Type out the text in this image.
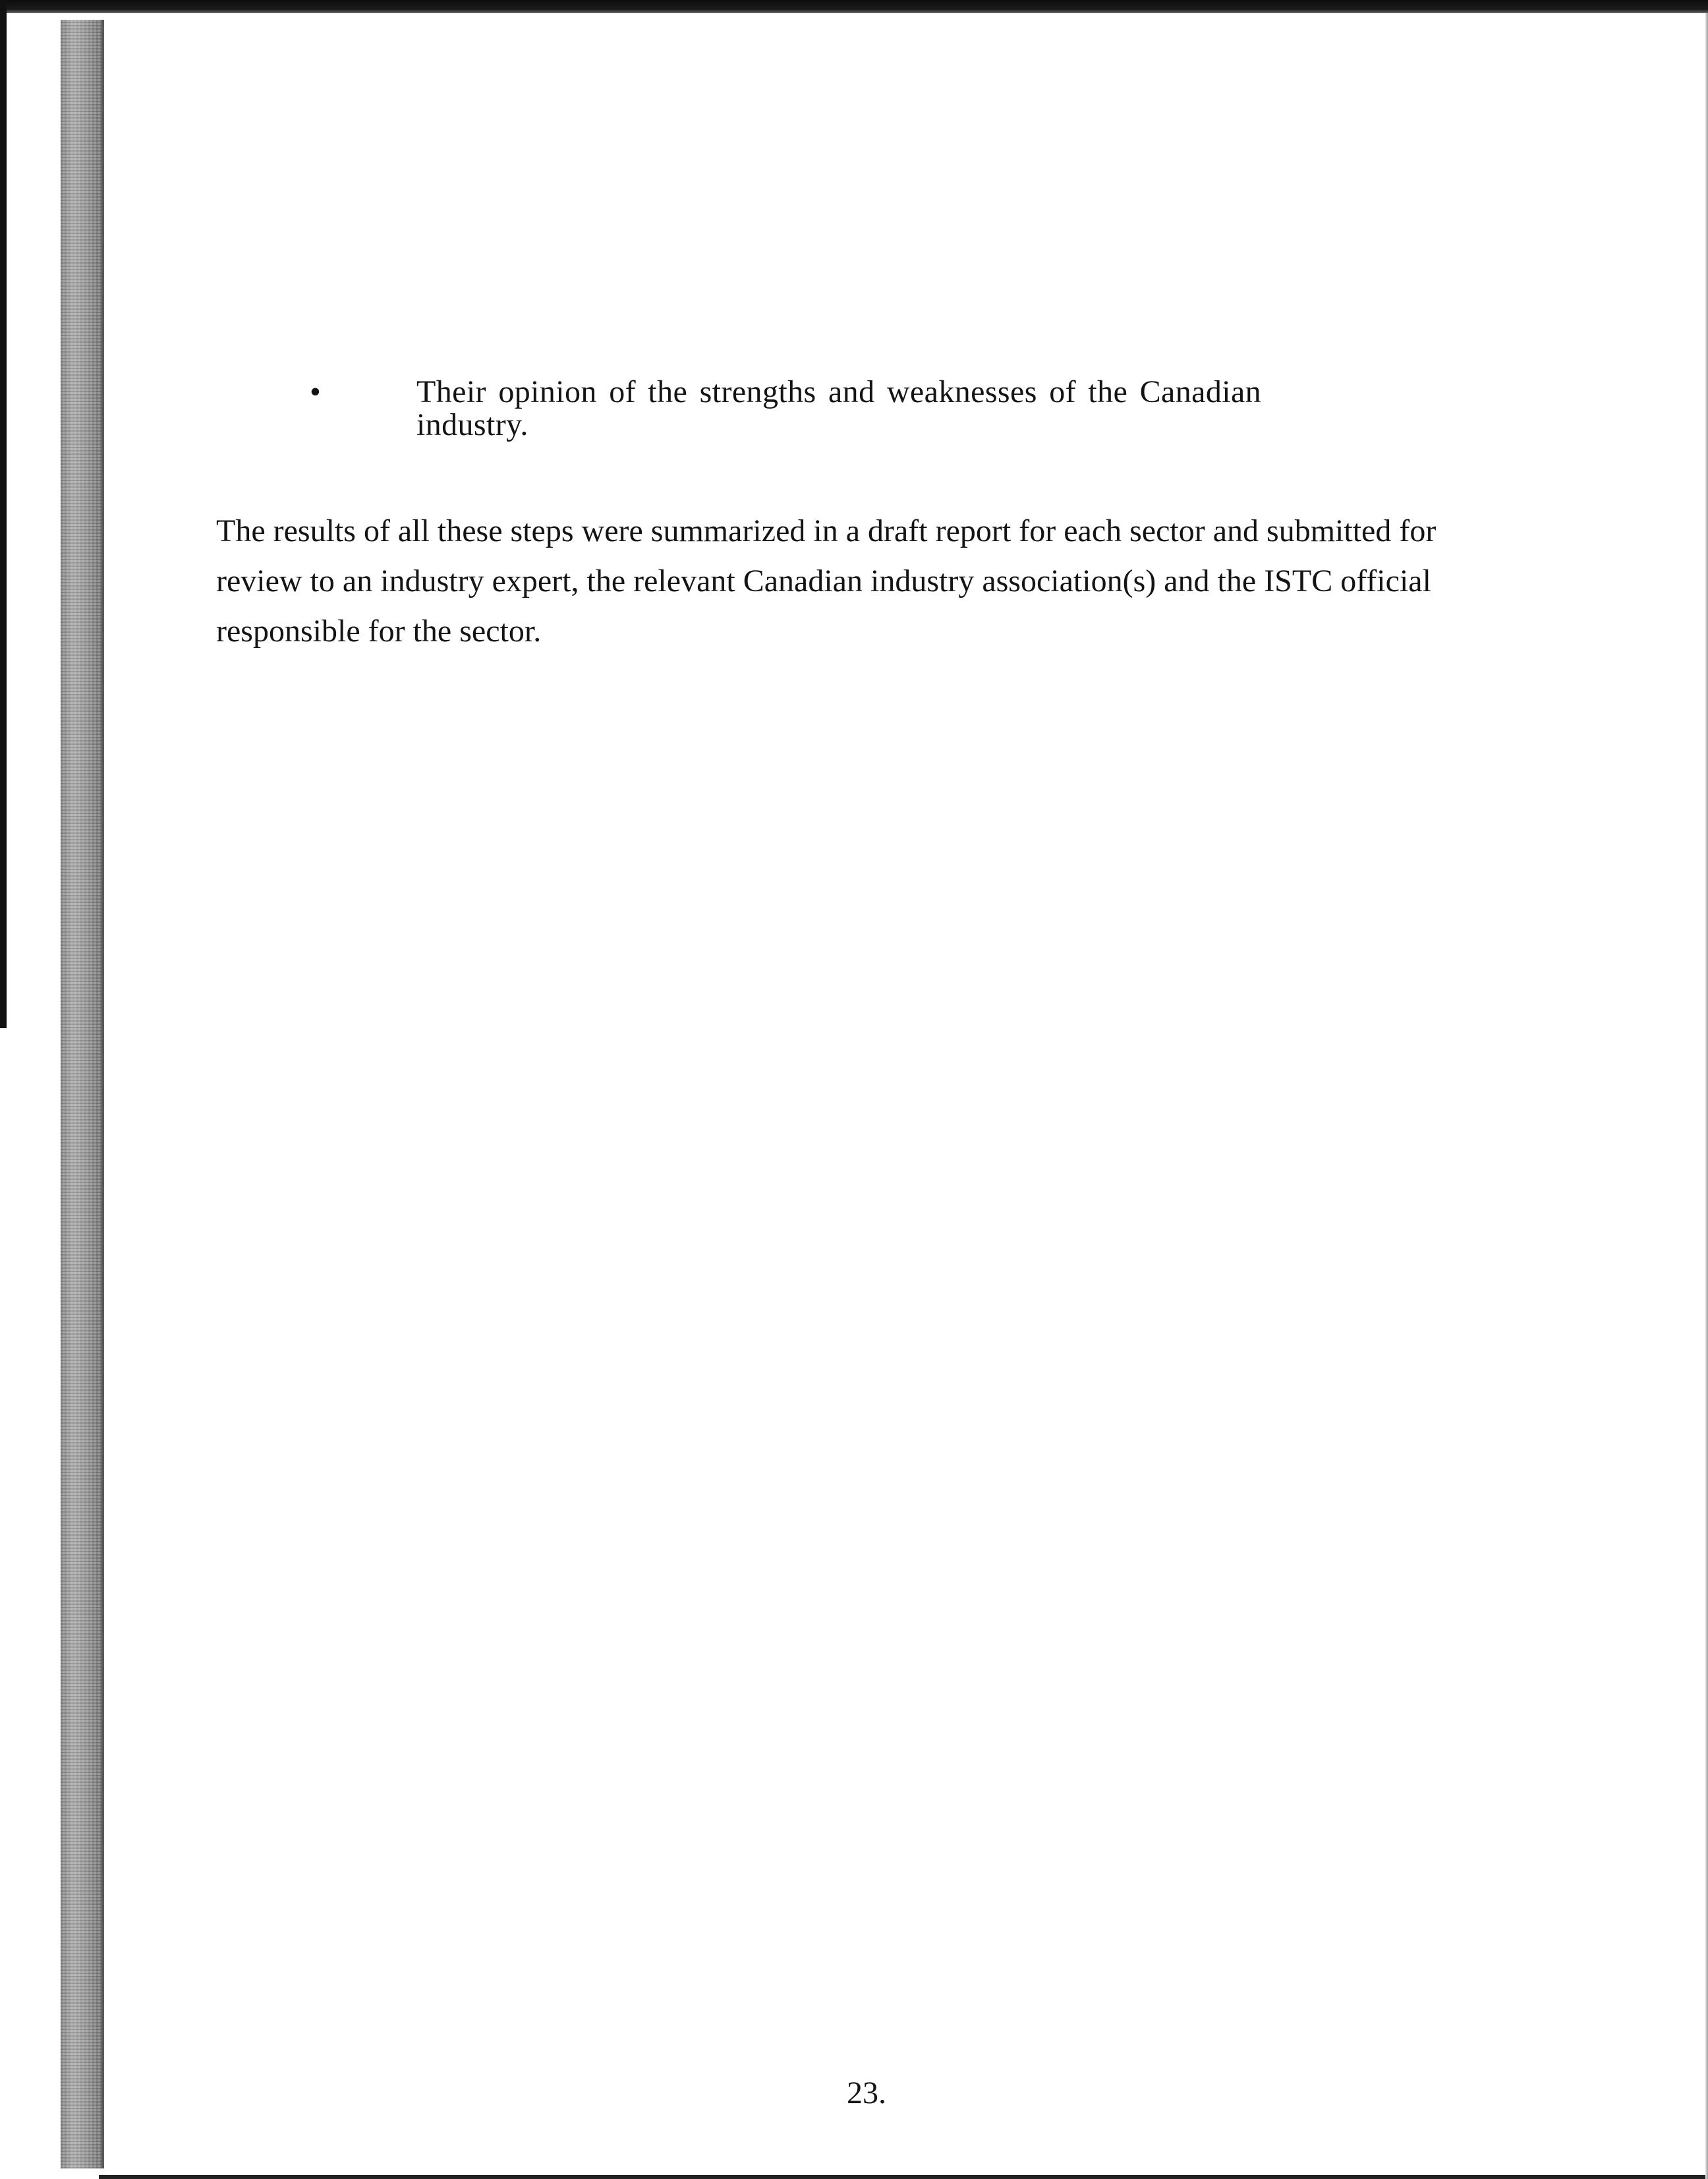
•	Their opinion of the strengths and weaknesses of the Canadian industry.

The results of all these steps were summarized in a draft report for each sector and submitted for review to an industry expert, the relevant Canadian industry association(s) and the ISTC official responsible for the sector.

23.
